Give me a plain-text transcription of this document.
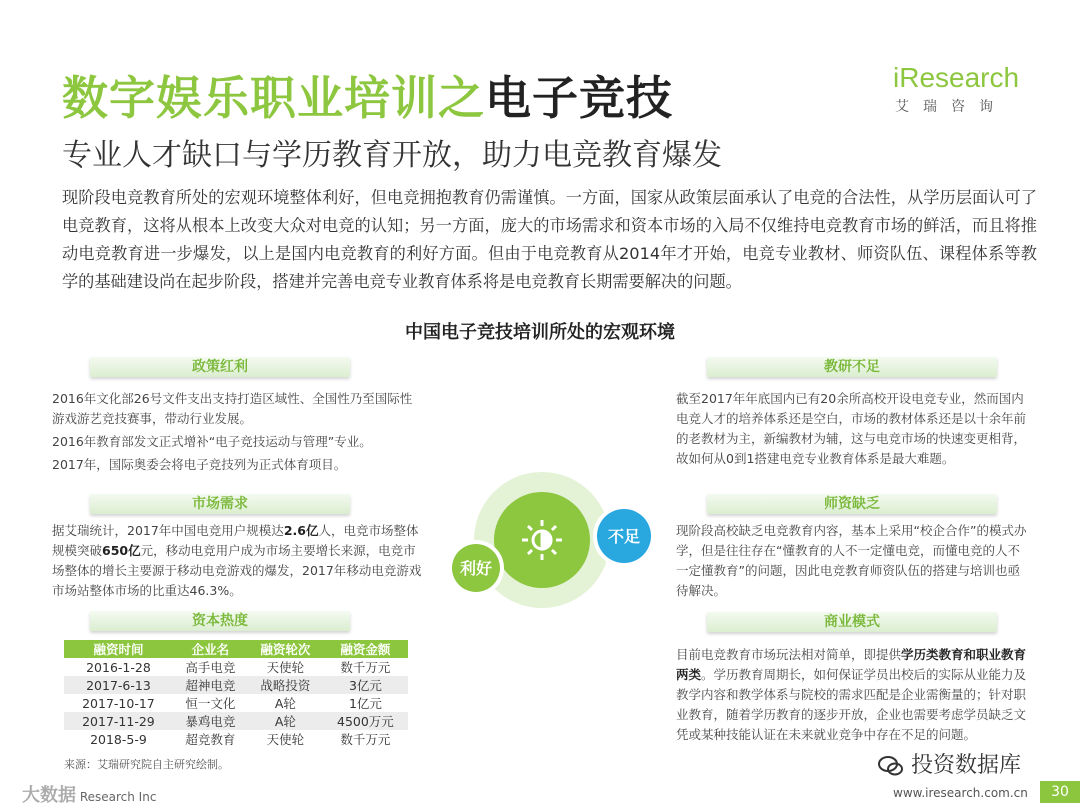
数字娱乐职业培训之电子竞技
专业人才缺口与学历教育开放，助力电竞教育爆发
iResearch
艾瑞咨询
现阶段电竞教育所处的宏观环境整体利好，但电竞拥抱教育仍需谨慎。一方面，国家从政策层面承认了电竞的合法性，从学历层面认可了电竞教育，这将从根本上改变大众对电竞的认知；另一方面，庞大的市场需求和资本市场的入局不仅维持电竞教育市场的鲜活，而且将推动电竞教育进一步爆发，以上是国内电竞教育的利好方面。但由于电竞教育从2014年才开始，电竞专业教材、师资队伍、课程体系等教学的基础建设尚在起步阶段，搭建并完善电竞专业教育体系将是电竞教育长期需要解决的问题。
中国电子竞技培训所处的宏观环境
政策红利

2016年文化部26号文件支出支持打造区域性、全国性乃至国际性游戏游艺竞技赛事，带动行业发展。

2016年教育部发文正式增补“电子竞技运动与管理”专业。

2017年，国际奥委会将电子竞技列为正式体育项目。

市场需求
据艾瑞统计，2017年中国电竞用户规模达2.6亿人，电竞市场整体规模突破650亿元，移动电竞用户成为市场主要增长来源，电竞市场整体的增长主要源于移动电竞游戏的爆发，2017年移动电竞游戏市场站整体市场的比重达46.3%。
资本热度
融资时间	企业名	融资轮次	融资金额
2016-1-28	高手电竞	天使轮	数千万元
2017-6-13	超神电竞	战略投资	3亿元
2017-10-17	恒一文化	A轮	1亿元
2017-11-29	暴鸡电竞	A轮	4500万元
2018-5-9	超竞教育	天使轮	数千万元
来源：艾瑞研究院自主研究绘制。
利好
不足
教研不足
截至2017年年底国内已有20余所高校开设电竞专业，然而国内电竞人才的培养体系还是空白，市场的教材体系还是以十余年前的老教材为主，新编教材为辅，这与电竞市场的快速变更相背，故如何从0到1搭建电竞专业教育体系是最大难题。
师资缺乏
现阶段高校缺乏电竞教育内容，基本上采用“校企合作”的模式办学，但是往往存在“懂教育的人不一定懂电竞，而懂电竞的人不一定懂教育”的问题，因此电竞教育师资队伍的搭建与培训也亟待解决。
商业模式
目前电竞教育市场玩法相对简单，即提供学历类教育和职业教育两类。学历教育周期长，如何保证学员出校后的实际从业能力及教学内容和教学体系与院校的需求匹配是企业需衡量的；针对职业教育，随着学历教育的逐步开放，企业也需要考虑学员缺乏文凭或某种技能认证在未来就业竞争中存在不足的问题。
投资数据库
大数据 Research Inc	www.iresearch.com.cn	30
